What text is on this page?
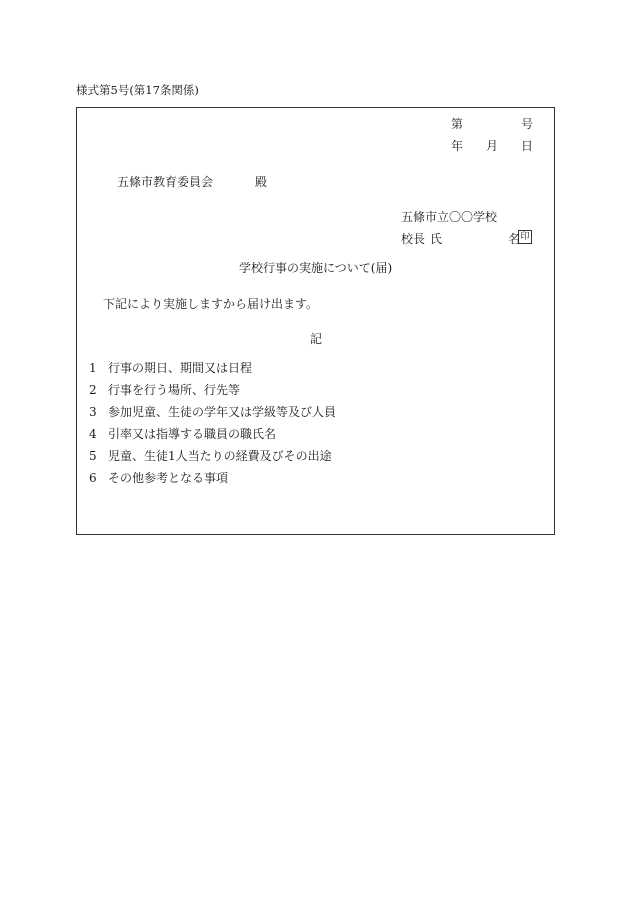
様式第5号(第17条関係)
第	号
年 月 日
五條市教育委員会	殿
五條市立〇〇学校
校長 氏	名 印
学校行事の実施について(届)
下記により実施しますから届け出ます。
記
1 行事の期日、期間又は日程
2 行事を行う場所、行先等
3 参加児童、生徒の学年又は学級等及び人員
4 引率又は指導する職員の職氏名
5 児童、生徒1人当たりの経費及びその出途
6 その他参考となる事項
